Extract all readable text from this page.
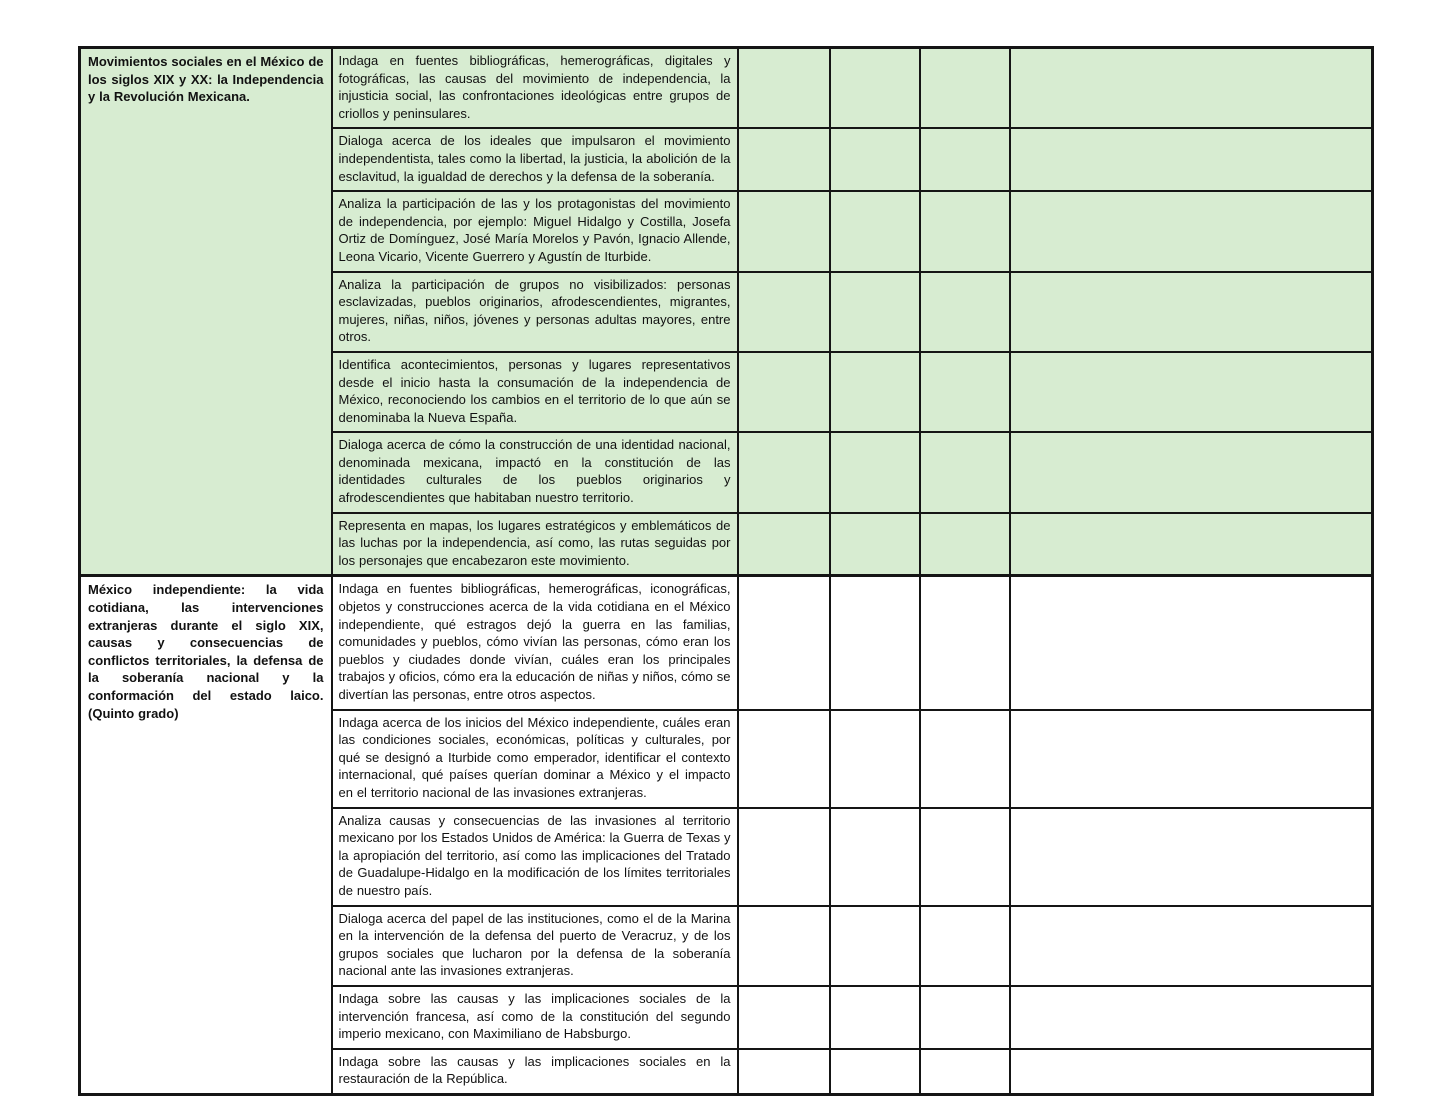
Movimientos sociales en el México de los siglos XIX y XX: la Independencia y la Revolución Mexicana.	Indaga en fuentes bibliográficas, hemerográficas, digitales y fotográficas, las causas del movimiento de independencia, la injusticia social, las confrontaciones ideológicas entre grupos de criollos y peninsulares.				
	Dialoga acerca de los ideales que impulsaron el movimiento independentista, tales como la libertad, la justicia, la abolición de la esclavitud, la igualdad de derechos y la defensa de la soberanía.				
	Analiza la participación de las y los protagonistas del movimiento de independencia, por ejemplo: Miguel Hidalgo y Costilla, Josefa Ortiz de Domínguez, José María Morelos y Pavón, Ignacio Allende, Leona Vicario, Vicente Guerrero y Agustín de Iturbide.				
	Analiza la participación de grupos no visibilizados: personas esclavizadas, pueblos originarios, afrodescendientes, migrantes, mujeres, niñas, niños, jóvenes y personas adultas mayores, entre otros.				
	Identifica acontecimientos, personas y lugares representativos desde el inicio hasta la consumación de la independencia de México, reconociendo los cambios en el territorio de lo que aún se denominaba la Nueva España.				
	Dialoga acerca de cómo la construcción de una identidad nacional, denominada mexicana, impactó en la constitución de las identidades culturales de los pueblos originarios y afrodescendientes que habitaban nuestro territorio.				
	Representa en mapas, los lugares estratégicos y emblemáticos de las luchas por la independencia, así como, las rutas seguidas por los personajes que encabezaron este movimiento.				
México independiente: la vida cotidiana, las intervenciones extranjeras durante el siglo XIX, causas y consecuencias de conflictos territoriales, la defensa de la soberanía nacional y la conformación del estado laico. (Quinto grado)	Indaga en fuentes bibliográficas, hemerográficas, iconográficas, objetos y construcciones acerca de la vida cotidiana en el México independiente, qué estragos dejó la guerra en las familias, comunidades y pueblos, cómo vivían las personas, cómo eran los pueblos y ciudades donde vivían, cuáles eran los principales trabajos y oficios, cómo era la educación de niñas y niños, cómo se divertían las personas, entre otros aspectos.				
	Indaga acerca de los inicios del México independiente, cuáles eran las condiciones sociales, económicas, políticas y culturales, por qué se designó a Iturbide como emperador, identificar el contexto internacional, qué países querían dominar a México y el impacto en el territorio nacional de las invasiones extranjeras.				
	Analiza causas y consecuencias de las invasiones al territorio mexicano por los Estados Unidos de América: la Guerra de Texas y la apropiación del territorio, así como las implicaciones del Tratado de Guadalupe-Hidalgo en la modificación de los límites territoriales de nuestro país.				
	Dialoga acerca del papel de las instituciones, como el de la Marina en la intervención de la defensa del puerto de Veracruz, y de los grupos sociales que lucharon por la defensa de la soberanía nacional ante las invasiones extranjeras.				
	Indaga sobre las causas y las implicaciones sociales de la intervención francesa, así como de la constitución del segundo imperio mexicano, con Maximiliano de Habsburgo.				
	Indaga sobre las causas y las implicaciones sociales en la restauración de la República.				
